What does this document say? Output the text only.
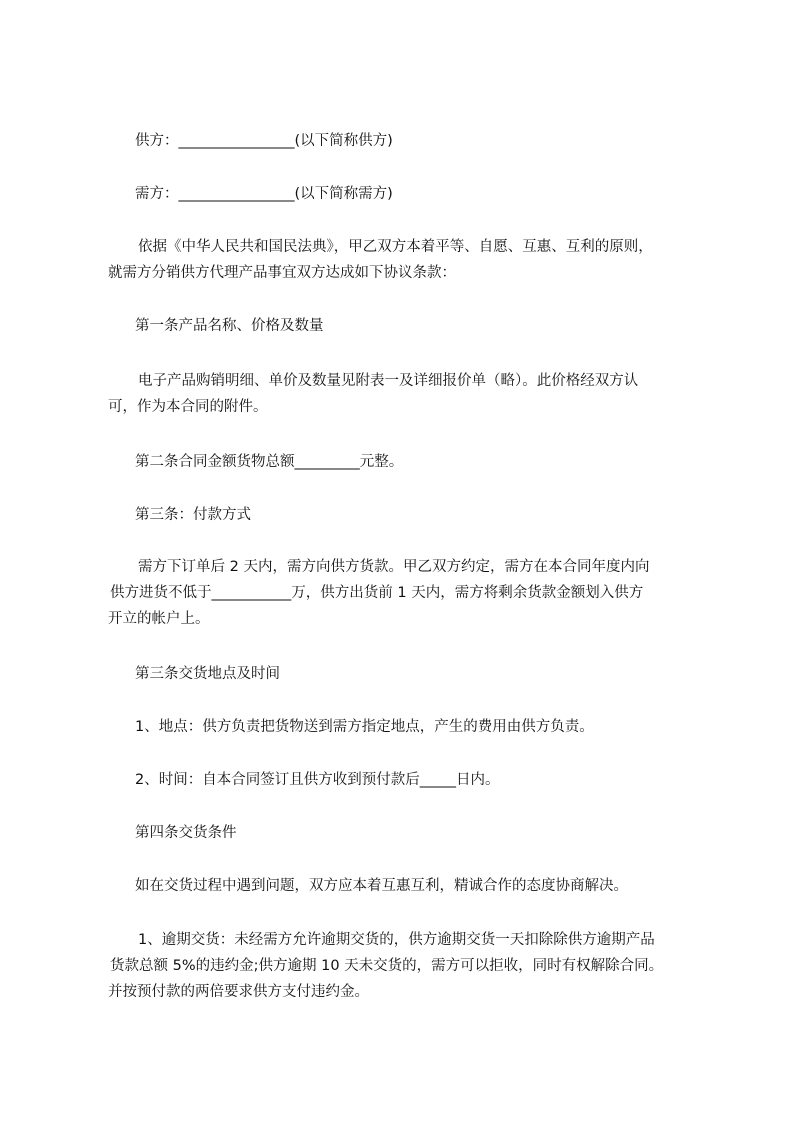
供方：________________(以下简称供方)

需方：________________(以下简称需方)

依据《中华人民共和国民法典》，甲乙双方本着平等、自愿、互惠、互利的原则，
就需方分销供方代理产品事宜双方达成如下协议条款：

第一条产品名称、价格及数量

电子产品购销明细、单价及数量见附表一及详细报价单（略）。此价格经双方认
可，作为本合同的附件。

第二条合同金额货物总额_________元整。

第三条：付款方式

需方下订单后 2 天内，需方向供方货款。甲乙双方约定，需方在本合同年度内向
供方进货不低于___________万，供方出货前 1 天内，需方将剩余货款金额划入供方
开立的帐户上。

第三条交货地点及时间

1、地点：供方负责把货物送到需方指定地点，产生的费用由供方负责。

2、时间：自本合同签订且供方收到预付款后_____日内。

第四条交货条件

如在交货过程中遇到问题，双方应本着互惠互利，精诚合作的态度协商解决。

1、逾期交货：未经需方允许逾期交货的，供方逾期交货一天扣除除供方逾期产品
货款总额 5%的违约金;供方逾期 10 天未交货的，需方可以拒收，同时有权解除合同。
并按预付款的两倍要求供方支付违约金。
